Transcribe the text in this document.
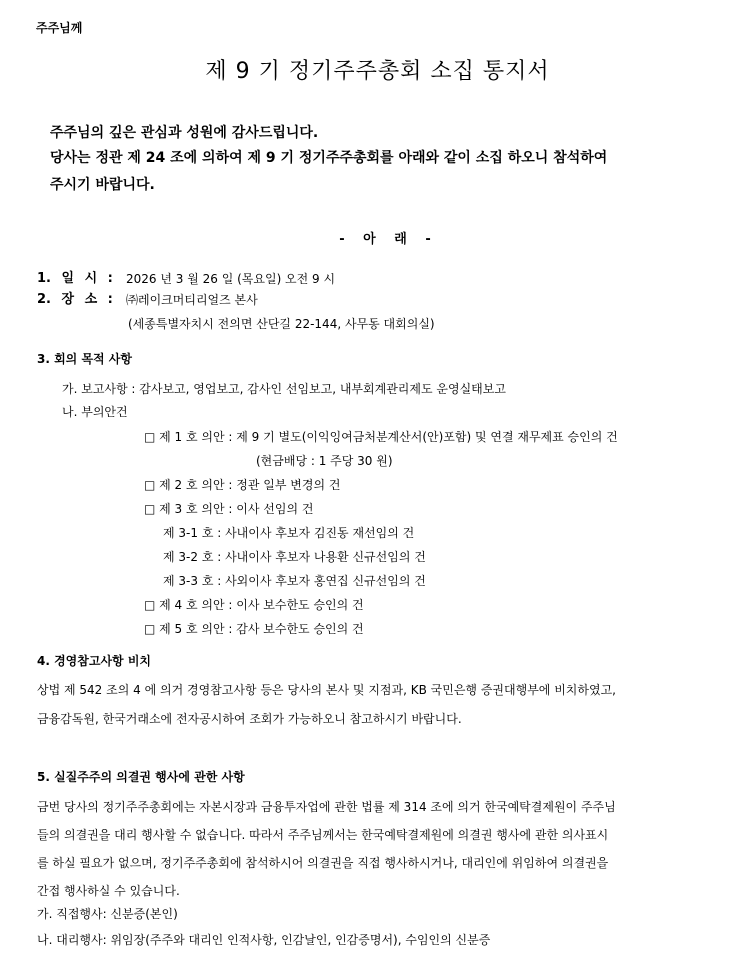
주주님께
제 9 기 정기주주총회 소집 통지서
주주님의 깊은 관심과 성원에 감사드립니다.
당사는 정관 제 24 조에 의하여 제 9 기 정기주주총회를 아래와 같이 소집 하오니 참석하여
주시기 바랍니다.
- 아 래 -
1. 일 시 : 2026 년 3 월 26 일 (목요일) 오전 9 시
2. 장 소 : ㈜레이크머티리얼즈 본사
(세종특별자치시 전의면 산단길 22-144, 사무동 대회의실)
3. 회의 목적 사항
가. 보고사항 : 감사보고, 영업보고, 감사인 선임보고, 내부회계관리제도 운영실태보고
나. 부의안건
□ 제 1 호 의안 : 제 9 기 별도(이익잉여금처분계산서(안)포함) 및 연결 재무제표 승인의 건
(현금배당 : 1 주당 30 원)
□ 제 2 호 의안 : 정관 일부 변경의 건
□ 제 3 호 의안 : 이사 선임의 건
제 3-1 호 : 사내이사 후보자 김진동 재선임의 건
제 3-2 호 : 사내이사 후보자 나용환 신규선임의 건
제 3-3 호 : 사외이사 후보자 홍연집 신규선임의 건
□ 제 4 호 의안 : 이사 보수한도 승인의 건
□ 제 5 호 의안 : 감사 보수한도 승인의 건
4. 경영참고사항 비치
상법 제 542 조의 4 에 의거 경영참고사항 등은 당사의 본사 및 지점과, KB 국민은행 증권대행부에 비치하였고,
금융감독원, 한국거래소에 전자공시하여 조회가 가능하오니 참고하시기 바랍니다.
5. 실질주주의 의결권 행사에 관한 사항
금번 당사의 정기주주총회에는 자본시장과 금융투자업에 관한 법률 제 314 조에 의거 한국예탁결제원이 주주님
들의 의결권을 대리 행사할 수 없습니다. 따라서 주주님께서는 한국예탁결제원에 의결권 행사에 관한 의사표시
를 하실 필요가 없으며, 정기주주총회에 참석하시어 의결권을 직접 행사하시거나, 대리인에 위임하여 의결권을
간접 행사하실 수 있습니다.
가. 직접행사: 신분증(본인)
나. 대리행사: 위임장(주주와 대리인 인적사항, 인감날인, 인감증명서), 수임인의 신분증
